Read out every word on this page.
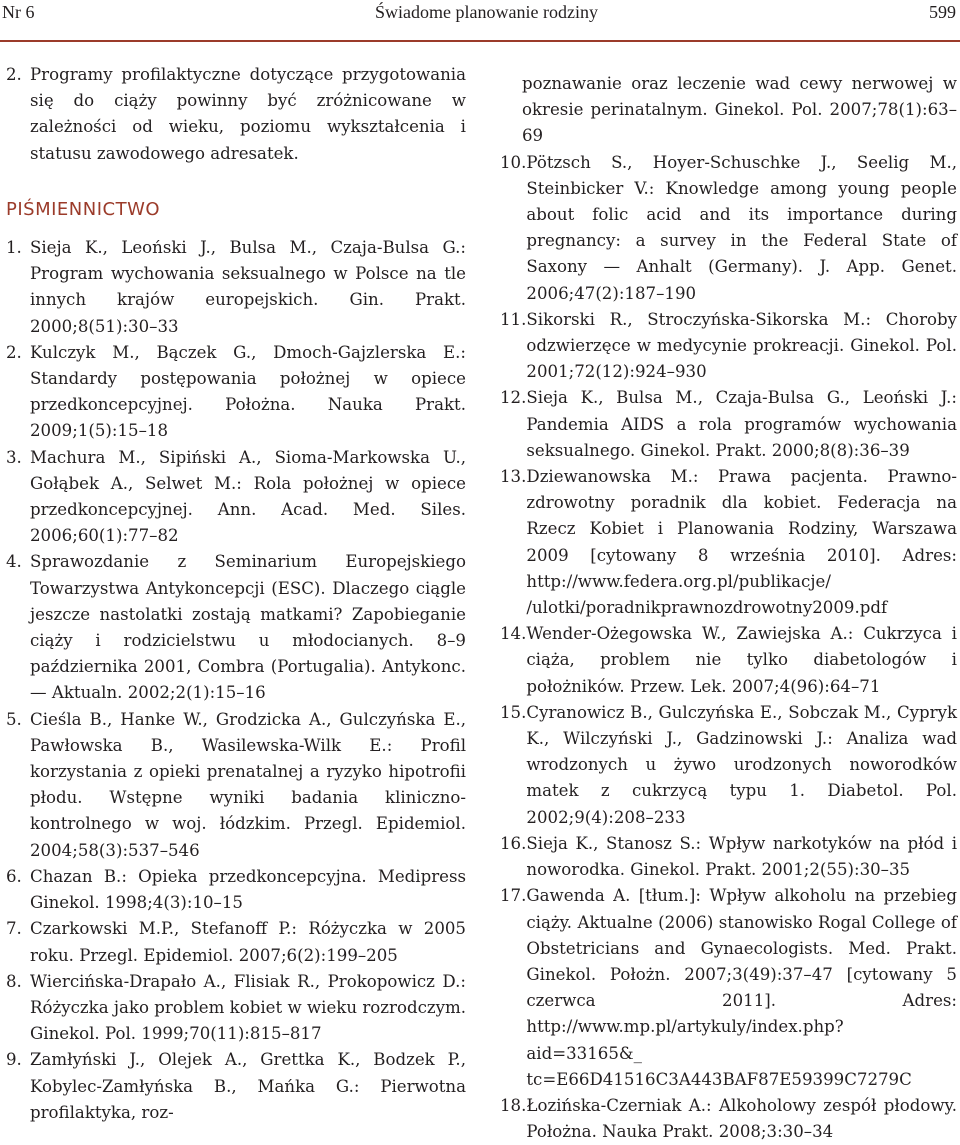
Nr 6	Świadome planowanie rodziny	599
2. Programy profilaktyczne dotyczące przygotowania się do ciąży powinny być zróżnicowane w zależności od wieku, poziomu wykształcenia i statusu zawodowego adresatek.
PIŚMIENNICTWO
1. Sieja K., Leoński J., Bulsa M., Czaja-Bulsa G.: Program wychowania seksualnego w Polsce na tle innych krajów europejskich. Gin. Prakt. 2000;8(51):30–33
2. Kulczyk M., Bączek G., Dmoch-Gajzlerska E.: Standardy postępowania położnej w opiece przedkoncepcyjnej. Położna. Nauka Prakt. 2009;1(5):15–18
3. Machura M., Sipiński A., Sioma-Markowska U., Gołąbek A., Selwet M.: Rola położnej w opiece przedkoncepcyjnej. Ann. Acad. Med. Siles. 2006;60(1):77–82
4. Sprawozdanie z Seminarium Europejskiego Towarzystwa Antykoncepcji (ESC). Dlaczego ciągle jeszcze nastolatki zostają matkami? Zapobieganie ciąży i rodzicielstwu u młodocianych. 8–9 października 2001, Combra (Portugalia). Antykonc. — Aktualn. 2002;2(1):15–16
5. Cieśla B., Hanke W., Grodzicka A., Gulczyńska E., Pawłowska B., Wasilewska-Wilk E.: Profil korzystania z opieki prenatalnej a ryzyko hipotrofii płodu. Wstępne wyniki badania kliniczno-kontrolnego w woj. łódzkim. Przegl. Epidemiol. 2004;58(3):537–546
6. Chazan B.: Opieka przedkoncepcyjna. Medipress Ginekol. 1998;4(3):10–15
7. Czarkowski M.P., Stefanoff P.: Różyczka w 2005 roku. Przegl. Epidemiol. 2007;6(2):199–205
8. Wiercińska-Drapało A., Flisiak R., Prokopowicz D.: Różyczka jako problem kobiet w wieku rozrodczym. Ginekol. Pol. 1999;70(11):815–817
9. Zamłyński J., Olejek A., Grettka K., Bodzek P., Kobylec-Zamłyńska B., Mańka G.: Pierwotna profilaktyka, roz-
poznawanie oraz leczenie wad cewy nerwowej w okresie perinatalnym. Ginekol. Pol. 2007;78(1):63–69
10. Pötzsch S., Hoyer-Schuschke J., Seelig M., Steinbicker V.: Knowledge among young people about folic acid and its importance during pregnancy: a survey in the Federal State of Saxony — Anhalt (Germany). J. App. Genet. 2006;47(2):187–190
11. Sikorski R., Stroczyńska-Sikorska M.: Choroby odzwierzęce w medycynie prokreacji. Ginekol. Pol. 2001;72(12):924–930
12. Sieja K., Bulsa M., Czaja-Bulsa G., Leoński J.: Pandemia AIDS a rola programów wychowania seksualnego. Ginekol. Prakt. 2000;8(8):36–39
13. Dziewanowska M.: Prawa pacjenta. Prawno-zdrowotny poradnik dla kobiet. Federacja na Rzecz Kobiet i Planowania Rodziny, Warszawa 2009 [cytowany 8 września 2010]. Adres: http://www.federa.org.pl/publikacje/ /ulotki/poradnikprawnozdrowotny2009.pdf
14. Wender-Ożegowska W., Zawiejska A.: Cukrzyca i ciąża, problem nie tylko diabetologów i położników. Przew. Lek. 2007;4(96):64–71
15. Cyranowicz B., Gulczyńska E., Sobczak M., Cypryk K., Wilczyński J., Gadzinowski J.: Analiza wad wrodzonych u żywo urodzonych noworodków matek z cukrzycą typu 1. Diabetol. Pol. 2002;9(4):208–233
16. Sieja K., Stanosz S.: Wpływ narkotyków na płód i noworodka. Ginekol. Prakt. 2001;2(55):30–35
17. Gawenda A. [tłum.]: Wpływ alkoholu na przebieg ciąży. Aktualne (2006) stanowisko Rogal College of Obstetricians and Gynaecologists. Med. Prakt. Ginekol. Położn. 2007;3(49):37–47 [cytowany 5 czerwca 2011]. Adres: http://www.mp.pl/artykuly/index.php?aid=33165&_ tc=E66D41516C3A443BAF87E59399C7279C
18. Łozińska-Czerniak A.: Alkoholowy zespół płodowy. Położna. Nauka Prakt. 2008;3:30–34
